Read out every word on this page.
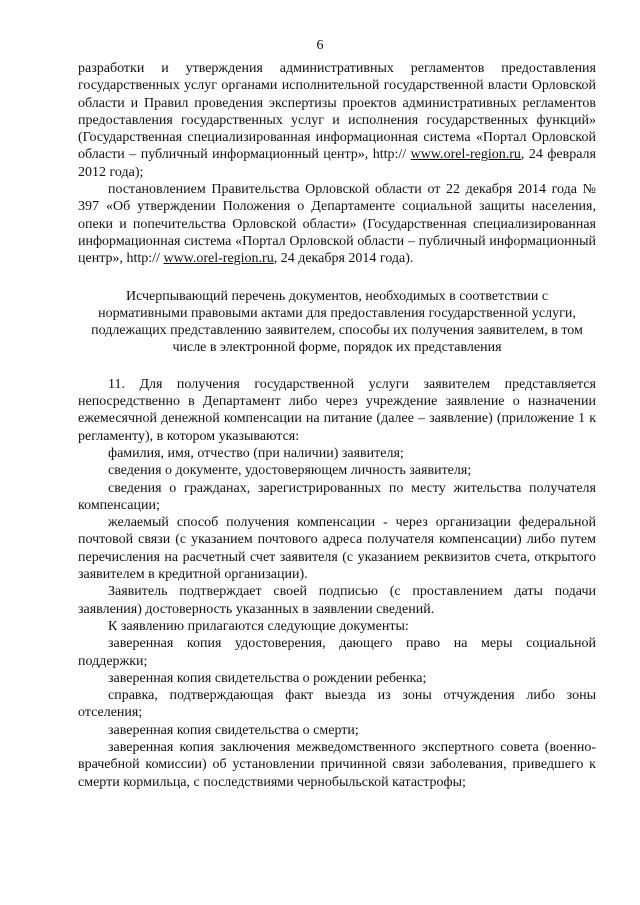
6

разработки и утверждения административных регламентов предоставления государственных услуг органами исполнительной государственной власти Орловской области и Правил проведения экспертизы проектов административных регламентов предоставления государственных услуг и исполнения государственных функций» (Государственная специализированная информационная система «Портал Орловской области – публичный информационный центр», http:// www.orel-region.ru, 24 февраля 2012 года);

постановлением Правительства Орловской области от 22 декабря 2014 года № 397 «Об утверждении Положения о Департаменте социальной защиты населения, опеки и попечительства Орловской области» (Государственная специализированная информационная система «Портал Орловской области – публичный информационный центр», http:// www.orel-region.ru, 24 декабря 2014 года).

Исчерпывающий перечень документов, необходимых в соответствии с нормативными правовыми актами для предоставления государственной услуги, подлежащих представлению заявителем, способы их получения заявителем, в том числе в электронной форме, порядок их представления

11. Для получения государственной услуги заявителем представляется непосредственно в Департамент либо через учреждение заявление о назначении ежемесячной денежной компенсации на питание (далее – заявление) (приложение 1 к регламенту), в котором указываются:

фамилия, имя, отчество (при наличии) заявителя;

сведения о документе, удостоверяющем личность заявителя;

сведения о гражданах, зарегистрированных по месту жительства получателя компенсации;

желаемый способ получения компенсации - через организации федеральной почтовой связи (с указанием почтового адреса получателя компенсации) либо путем перечисления на расчетный счет заявителя (с указанием реквизитов счета, открытого заявителем в кредитной организации).

Заявитель подтверждает своей подписью (с проставлением даты подачи заявления) достоверность указанных в заявлении сведений.

К заявлению прилагаются следующие документы:

заверенная копия удостоверения, дающего право на меры социальной поддержки;

заверенная копия свидетельства о рождении ребенка;

справка, подтверждающая факт выезда из зоны отчуждения либо зоны отселения;

заверенная копия свидетельства о смерти;

заверенная копия заключения межведомственного экспертного совета (военно-врачебной комиссии) об установлении причинной связи заболевания, приведшего к смерти кормильца, с последствиями чернобыльской катастрофы;
